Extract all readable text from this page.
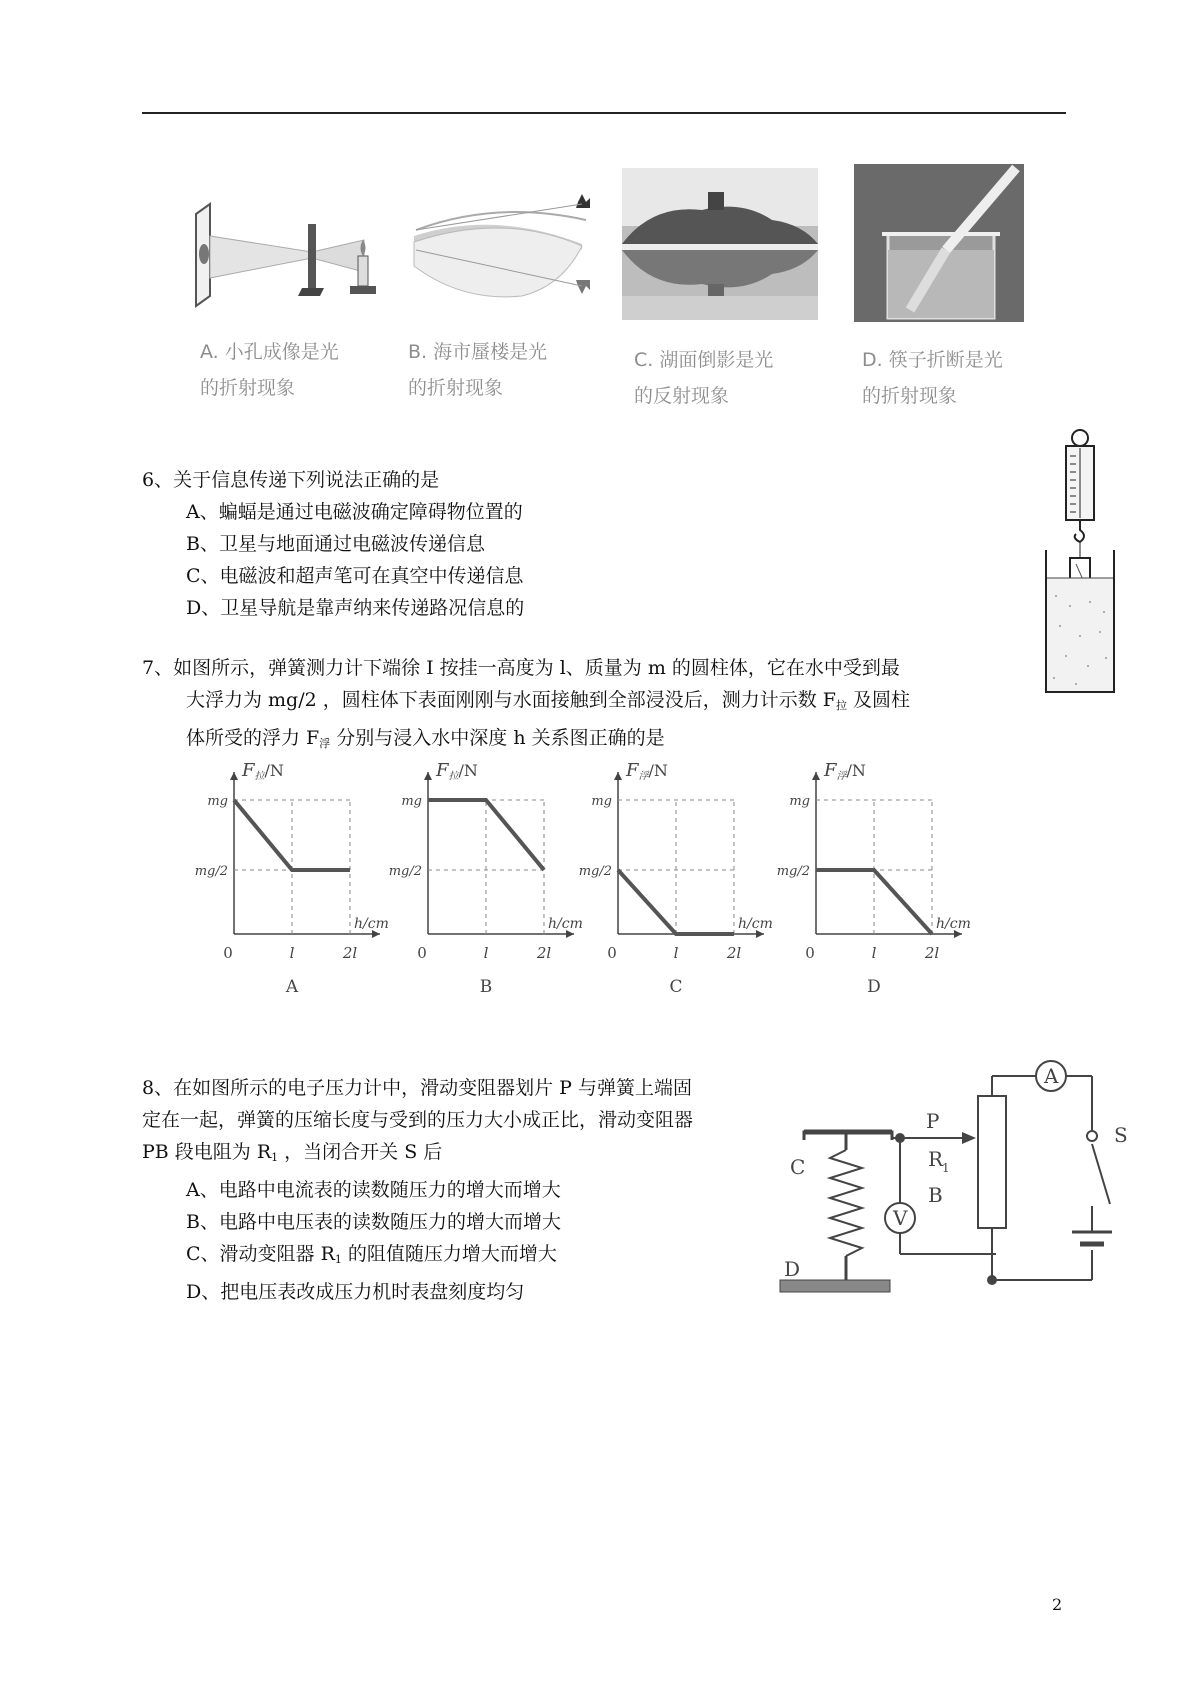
A. 小孔成像是光
的折射现象
B. 海市蜃楼是光
的折射现象
C. 湖面倒影是光
的反射现象
D. 筷子折断是光
的折射现象
6、关于信息传递下列说法正确的是
A、蝙蝠是通过电磁波确定障碍物位置的
B、卫星与地面通过电磁波传递信息
C、电磁波和超声笔可在真空中传递信息
D、卫星导航是靠声纳来传递路况信息的
7、如图所示，弹簧测力计下端徐 I 按挂一高度为 l、质量为 m 的圆柱体，它在水中受到最
大浮力为 mg/2 ，圆柱体下表面刚刚与水面接触到全部浸没后，测力计示数 $F_拉$ 及圆柱
体所受的浮力 $F_浮$ 分别与浸入水中深度 h 关系图正确的是
F拉/N
mg
mg/2
0	l	2l
h/cm
A
F拉/N
mg
mg/2
0	l	2l
h/cm
B
F浮/N
mg
mg/2
0	l	2l
h/cm
C
F浮/N
mg
mg/2
0	l	2l
h/cm
D
8、在如图所示的电子压力计中，滑动变阻器划片 P 与弹簧上端固
定在一起，弹簧的压缩长度与受到的压力大小成正比，滑动变阻器
PB 段电阻为 $R_1$ ，当闭合开关 S 后
A、电路中电流表的读数随压力的增大而增大
B、电路中电压表的读数随压力的增大而增大
C、滑动变阻器 $R_1$ 的阻值随压力增大而增大
D、把电压表改成压力机时表盘刻度均匀
A
S
P
R
1
V
B
C
D
2
